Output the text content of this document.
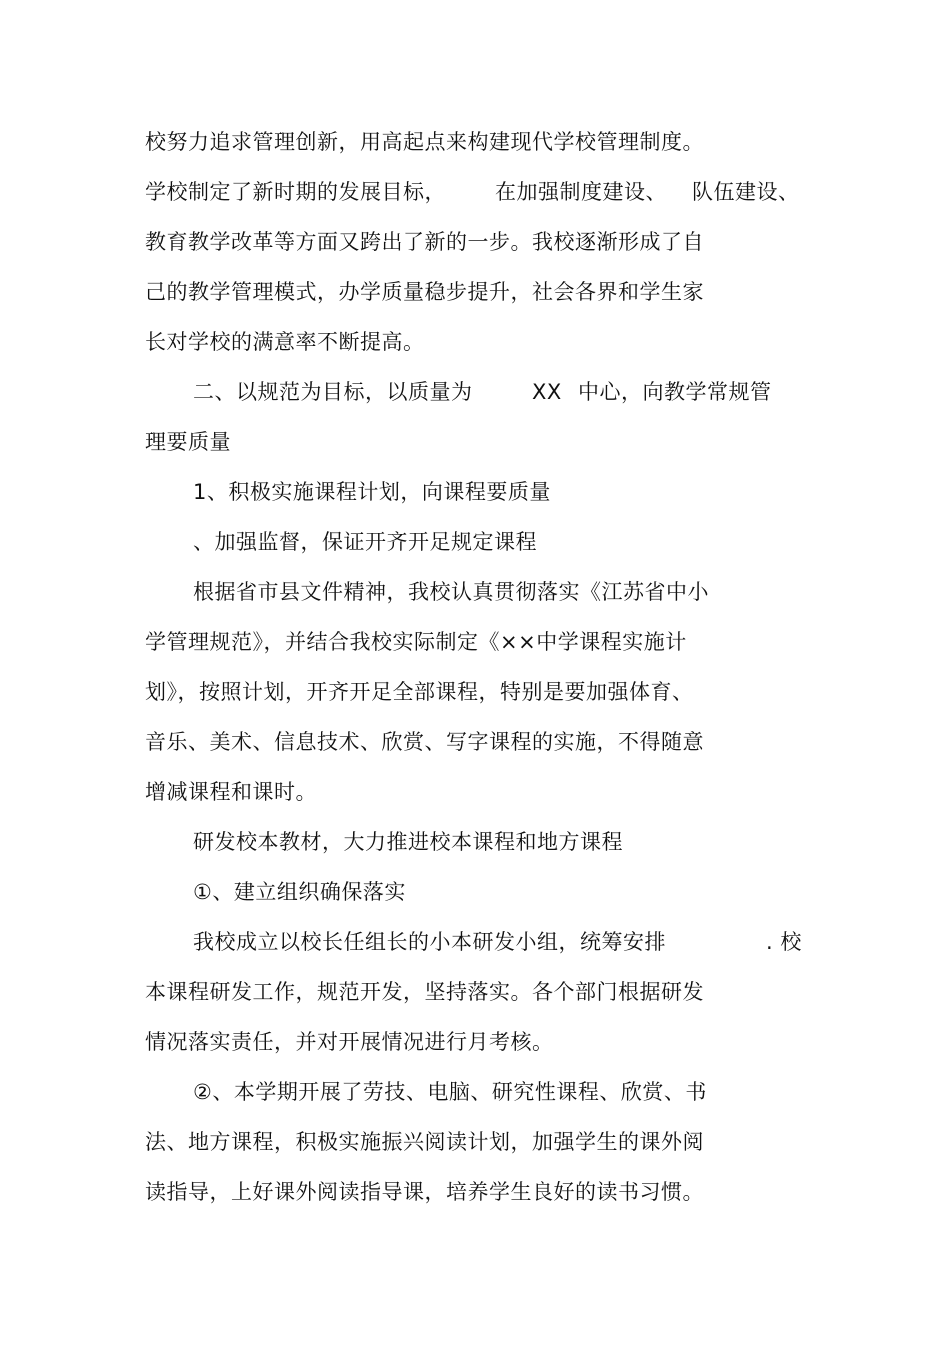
校努力追求管理创新，用高起点来构建现代学校管理制度。
学校制定了新时期的发展目标， 在加强制度建设、 队伍建设、
教育教学改革等方面又跨出了新的一步。我校逐渐形成了自
己的教学管理模式，办学质量稳步提升，社会各界和学生家
长对学校的满意率不断提高。
二、以规范为目标，以质量为	XX 中心，向教学常规管
理要质量
1、积极实施课程计划，向课程要质量
、加强监督，保证开齐开足规定课程
根据省市县文件精神，我校认真贯彻落实《江苏省中小
学管理规范》，并结合我校实际制定《××中学课程实施计
划》，按照计划，开齐开足全部课程，特别是要加强体育、
音乐、美术、信息技术、欣赏、写字课程的实施，不得随意
增减课程和课时。
研发校本教材，大力推进校本课程和地方课程
①、建立组织确保落实
我校成立以校长任组长的小本研发小组，统筹安排	. 校
本课程研发工作，规范开发，坚持落实。各个部门根据研发
情况落实责任，并对开展情况进行月考核。
②、本学期开展了劳技、电脑、研究性课程、欣赏、书
法、地方课程，积极实施振兴阅读计划，加强学生的课外阅
读指导，上好课外阅读指导课，培养学生良好的读书习惯。
